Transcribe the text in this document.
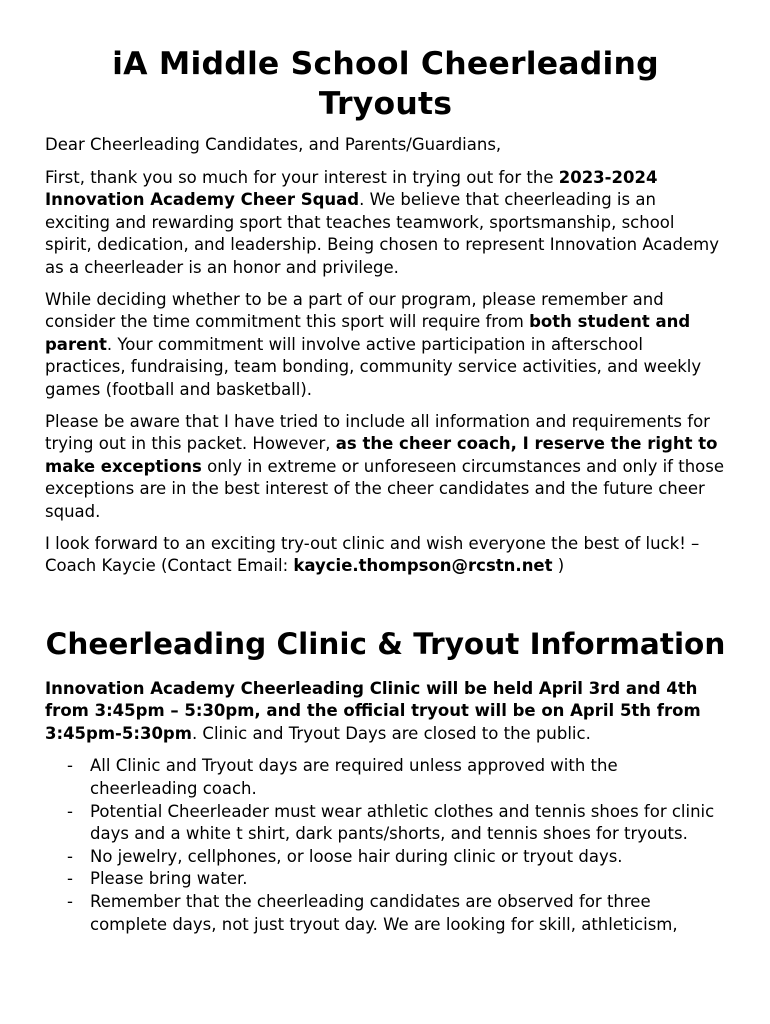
iA Middle School Cheerleading Tryouts

Dear Cheerleading Candidates, and Parents/Guardians,

First, thank you so much for your interest in trying out for the 2023-2024 Innovation Academy Cheer Squad. We believe that cheerleading is an exciting and rewarding sport that teaches teamwork, sportsmanship, school spirit, dedication, and leadership. Being chosen to represent Innovation Academy as a cheerleader is an honor and privilege.

While deciding whether to be a part of our program, please remember and consider the time commitment this sport will require from both student and parent. Your commitment will involve active participation in afterschool practices, fundraising, team bonding, community service activities, and weekly games (football and basketball).

Please be aware that I have tried to include all information and requirements for trying out in this packet. However, as the cheer coach, I reserve the right to make exceptions only in extreme or unforeseen circumstances and only if those exceptions are in the best interest of the cheer candidates and the future cheer squad.

I look forward to an exciting try-out clinic and wish everyone the best of luck! – Coach Kaycie (Contact Email: kaycie.thompson@rcstn.net )

Cheerleading Clinic & Tryout Information

Innovation Academy Cheerleading Clinic will be held April 3rd and 4th from 3:45pm – 5:30pm, and the official tryout will be on April 5th from 3:45pm-5:30pm. Clinic and Tryout Days are closed to the public.

- All Clinic and Tryout days are required unless approved with the cheerleading coach.
- Potential Cheerleader must wear athletic clothes and tennis shoes for clinic days and a white t shirt, dark pants/shorts, and tennis shoes for tryouts.
- No jewelry, cellphones, or loose hair during clinic or tryout days.
- Please bring water.
- Remember that the cheerleading candidates are observed for three complete days, not just tryout day. We are looking for skill, athleticism,
